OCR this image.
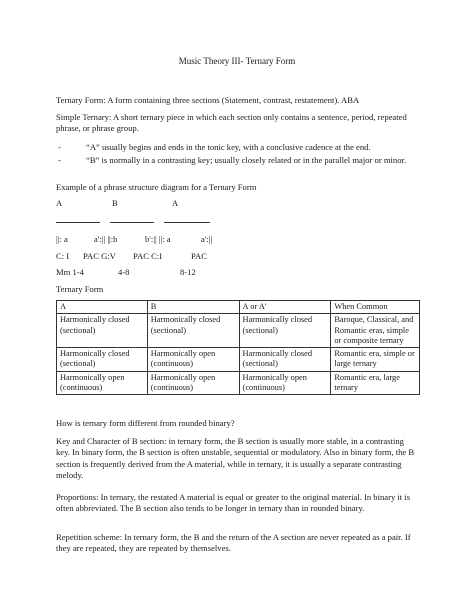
Music Theory III- Ternary Form

Ternary Form: A form containing three sections (Statement, contrast, restatement). ABA

Simple Ternary: A short ternary piece in which each section only contains a sentence, period, repeated phrase, or phrase group.

-	“A” usually begins and ends in the tonic key, with a conclusive cadence at the end.
-	“B” is normally in a contrasting key; usually closely related or in the parallel major or minor.

Example of a phrase structure diagram for a Ternary Form

A	B	A
||: a	a':|| ||:b	b':|| ||: a	a':||
C: I PAC G:V PAC C:I	PAC
Mm 1-4	4-8	8-12

Ternary Form

A	B	A or A'	When Common
Harmonically closed (sectional)	Harmonically closed (sectional)	Harmonically closed (sectional)	Baroque, Classical, and Romantic eras, simple or composite ternary
Harmonically closed (sectional)	Harmonically open (continuous)	Harmonically closed (sectional)	Romantic era, simple or large ternary
Harmonically open (continuous)	Harmonically open (continuous)	Harmonically open (continuous)	Romantic era, large ternary

How is ternary form different from rounded binary?

Key and Character of B section: in ternary form, the B section is usually more stable, in a contrasting key. In binary form, the B section is often unstable, sequential or modulatory. Also in binary form, the B section is frequently derived from the A material, while in ternary, it is usually a separate contrasting melody.

Proportions: In ternary, the restated A material is equal or greater to the original material. In binary it is often abbreviated. The B section also tends to be longer in ternary than in rounded binary.

Repetition scheme: In ternary form, the B and the return of the A section are never repeated as a pair. If they are repeated, they are repeated by themselves.
